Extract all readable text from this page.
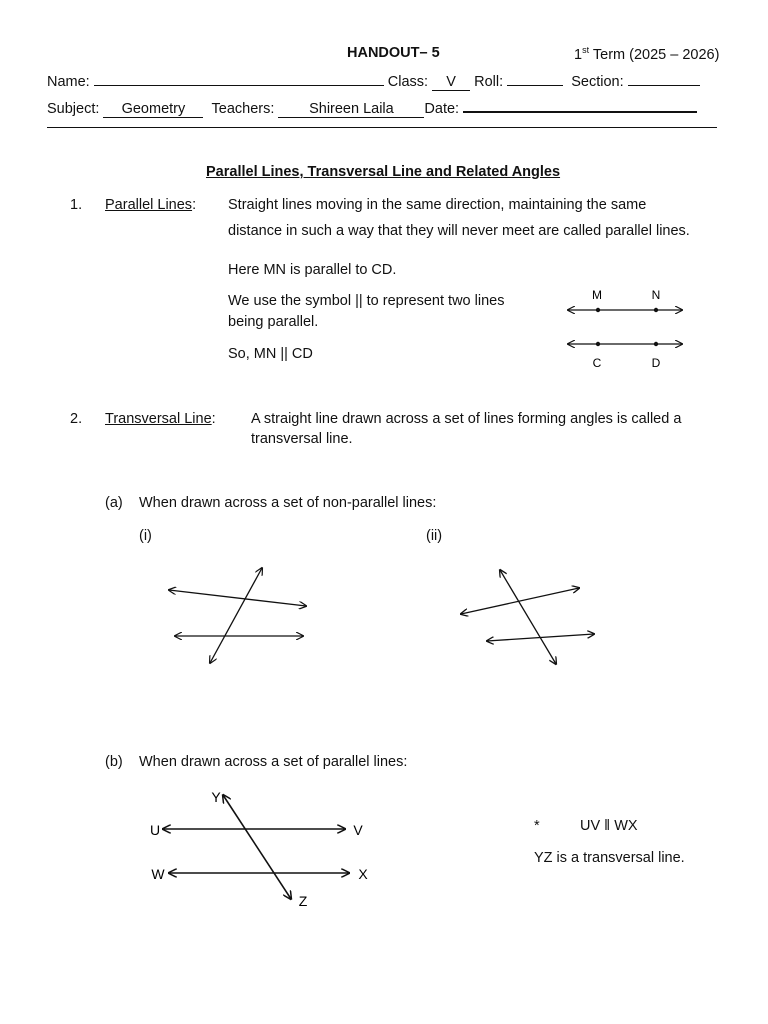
HANDOUT– 5	1st Term (2025 – 2026)
Name:	Class: V Roll:	Section:
Subject: Geometry Teachers: Shireen Laila Date:
Parallel Lines, Transversal Line and Related Angles
1. Parallel Lines: Straight lines moving in the same direction, maintaining the same
distance in such a way that they will never meet are called parallel lines.
Here MN is parallel to CD.
We use the symbol || to represent two lines
being parallel.
So, MN || CD
M	N
C	D
2. Transversal Line: A straight line drawn across a set of lines forming angles is called a
transversal line.
(a) When drawn across a set of non-parallel lines:
(i)	(ii)
(b) When drawn across a set of parallel lines:
Y
U	V
W	X
Z
*	UV ‖ WX
YZ is a transversal line.
